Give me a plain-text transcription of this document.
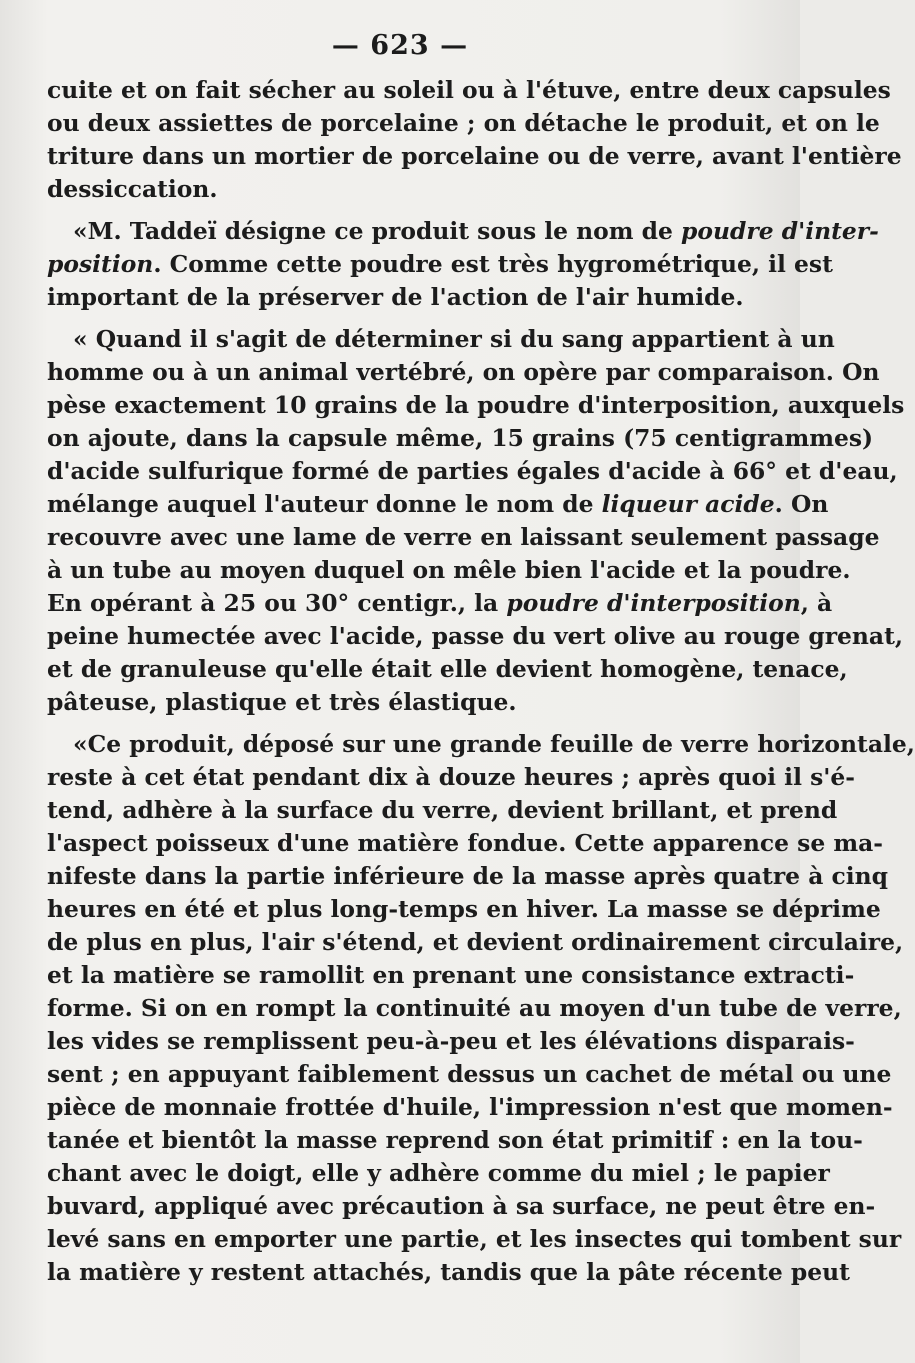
— 623 —
cuite et on fait sécher au soleil ou à l'étuve, entre deux capsules
ou deux assiettes de porcelaine ; on détache le produit, et on le
triture dans un mortier de porcelaine ou de verre, avant l'entière
dessiccation.
«M. Taddeï désigne ce produit sous le nom de poudre d'inter-
position. Comme cette poudre est très hygrométrique, il est
important de la préserver de l'action de l'air humide.
« Quand il s'agit de déterminer si du sang appartient à un
homme ou à un animal vertébré, on opère par comparaison. On
pèse exactement 10 grains de la poudre d'interposition, auxquels
on ajoute, dans la capsule même, 15 grains (75 centigrammes)
d'acide sulfurique formé de parties égales d'acide à 66° et d'eau,
mélange auquel l'auteur donne le nom de liqueur acide. On
recouvre avec une lame de verre en laissant seulement passage
à un tube au moyen duquel on mêle bien l'acide et la poudre.
En opérant à 25 ou 30° centigr., la poudre d'interposition, à
peine humectée avec l'acide, passe du vert olive au rouge grenat,
et de granuleuse qu'elle était elle devient homogène, tenace,
pâteuse, plastique et très élastique.
«Ce produit, déposé sur une grande feuille de verre horizontale,
reste à cet état pendant dix à douze heures ; après quoi il s'é-
tend, adhère à la surface du verre, devient brillant, et prend
l'aspect poisseux d'une matière fondue. Cette apparence se ma-
nifeste dans la partie inférieure de la masse après quatre à cinq
heures en été et plus long-temps en hiver. La masse se déprime
de plus en plus, l'air s'étend, et devient ordinairement circulaire,
et la matière se ramollit en prenant une consistance extracti-
forme. Si on en rompt la continuité au moyen d'un tube de verre,
les vides se remplissent peu-à-peu et les élévations disparais-
sent ; en appuyant faiblement dessus un cachet de métal ou une
pièce de monnaie frottée d'huile, l'impression n'est que momen-
tanée et bientôt la masse reprend son état primitif : en la tou-
chant avec le doigt, elle y adhère comme du miel ; le papier
buvard, appliqué avec précaution à sa surface, ne peut être en-
levé sans en emporter une partie, et les insectes qui tombent sur
la matière y restent attachés, tandis que la pâte récente peut
